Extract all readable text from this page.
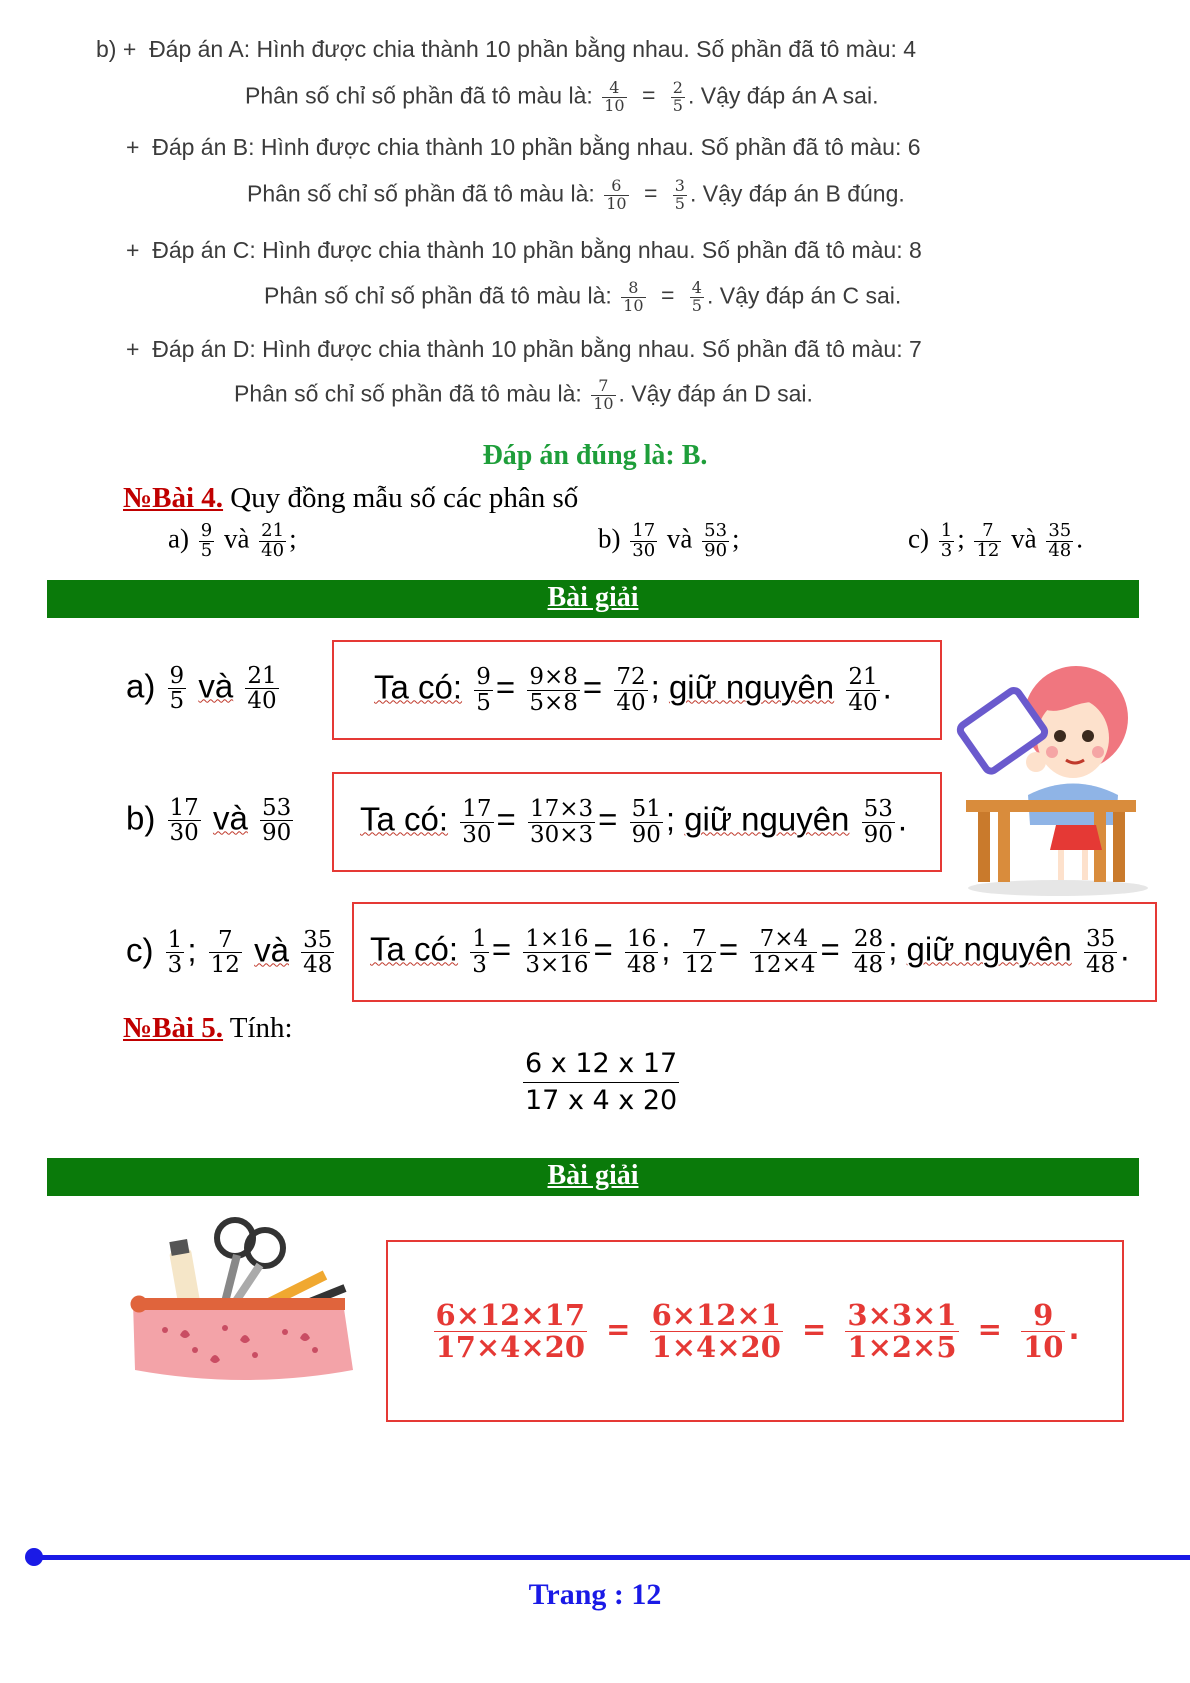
b) + Đáp án A: Hình được chia thành 10 phần bằng nhau. Số phần đã tô màu: 4
Phân số chỉ số phần đã tô màu là: $\frac{4}{10} = \frac{2}{5}$ . Vậy đáp án A sai.
+ Đáp án B: Hình được chia thành 10 phần bằng nhau. Số phần đã tô màu: 6
Phân số chỉ số phần đã tô màu là: $\frac{6}{10} = \frac{3}{5}$ . Vậy đáp án B đúng.
+ Đáp án C: Hình được chia thành 10 phần bằng nhau. Số phần đã tô màu: 8
Phân số chỉ số phần đã tô màu là: $\frac{8}{10} = \frac{4}{5}$ . Vậy đáp án C sai.
+ Đáp án D: Hình được chia thành 10 phần bằng nhau. Số phần đã tô màu: 7
Phân số chỉ số phần đã tô màu là: $\frac{7}{10}$ . Vậy đáp án D sai.
Đáp án đúng là: B.
№Bài 4. Quy đồng mẫu số các phân số
$a) \frac{9}{5}$ và $\frac{21}{40}$ ;	$b) \frac{17}{30}$ và $\frac{53}{90}$ ;	$c) \frac{1}{3}$ ; $\frac{7}{12}$ và $\frac{35}{48}$ .
Bài giải
$a) \frac{9}{5}$ và $\frac{21}{40}$	Ta có: $\frac{9}{5} = \frac{9\times 8}{5\times 8} = \frac{72}{40}$ ; giữ nguyên $\frac{21}{40}$ .
$b) \frac{17}{30}$ và $\frac{53}{90}$ Ta có: $\frac{17}{30} = \frac{17\times 3}{30\times 3} = \frac{51}{90}$ ; giữ nguyên $\frac{53}{90}$ .
$c) \frac{1}{3}$ ; $\frac{7}{12}$ và $\frac{35}{48}$ Ta có: $\frac{1}{3} = \frac{1\times 16}{3\times 16} = \frac{16}{48}$ ; $\frac{7}{12} = \frac{7\times 4}{12\times 4} = \frac{28}{48}$ ; giữ nguyên $\frac{35}{48}$ .
№Bài 5. Tính:
$\frac{6 x 12 x 17}{17 x 4 x 20}$
Bài giải
$\frac{6\times 12\times 17}{17\times 4\times 20} = \frac{6\times 12\times 1}{1\times 4\times 20} = \frac{3\times 3\times 1}{1\times 2\times 5} = \frac{9}{10}$ .
Trang : 12
